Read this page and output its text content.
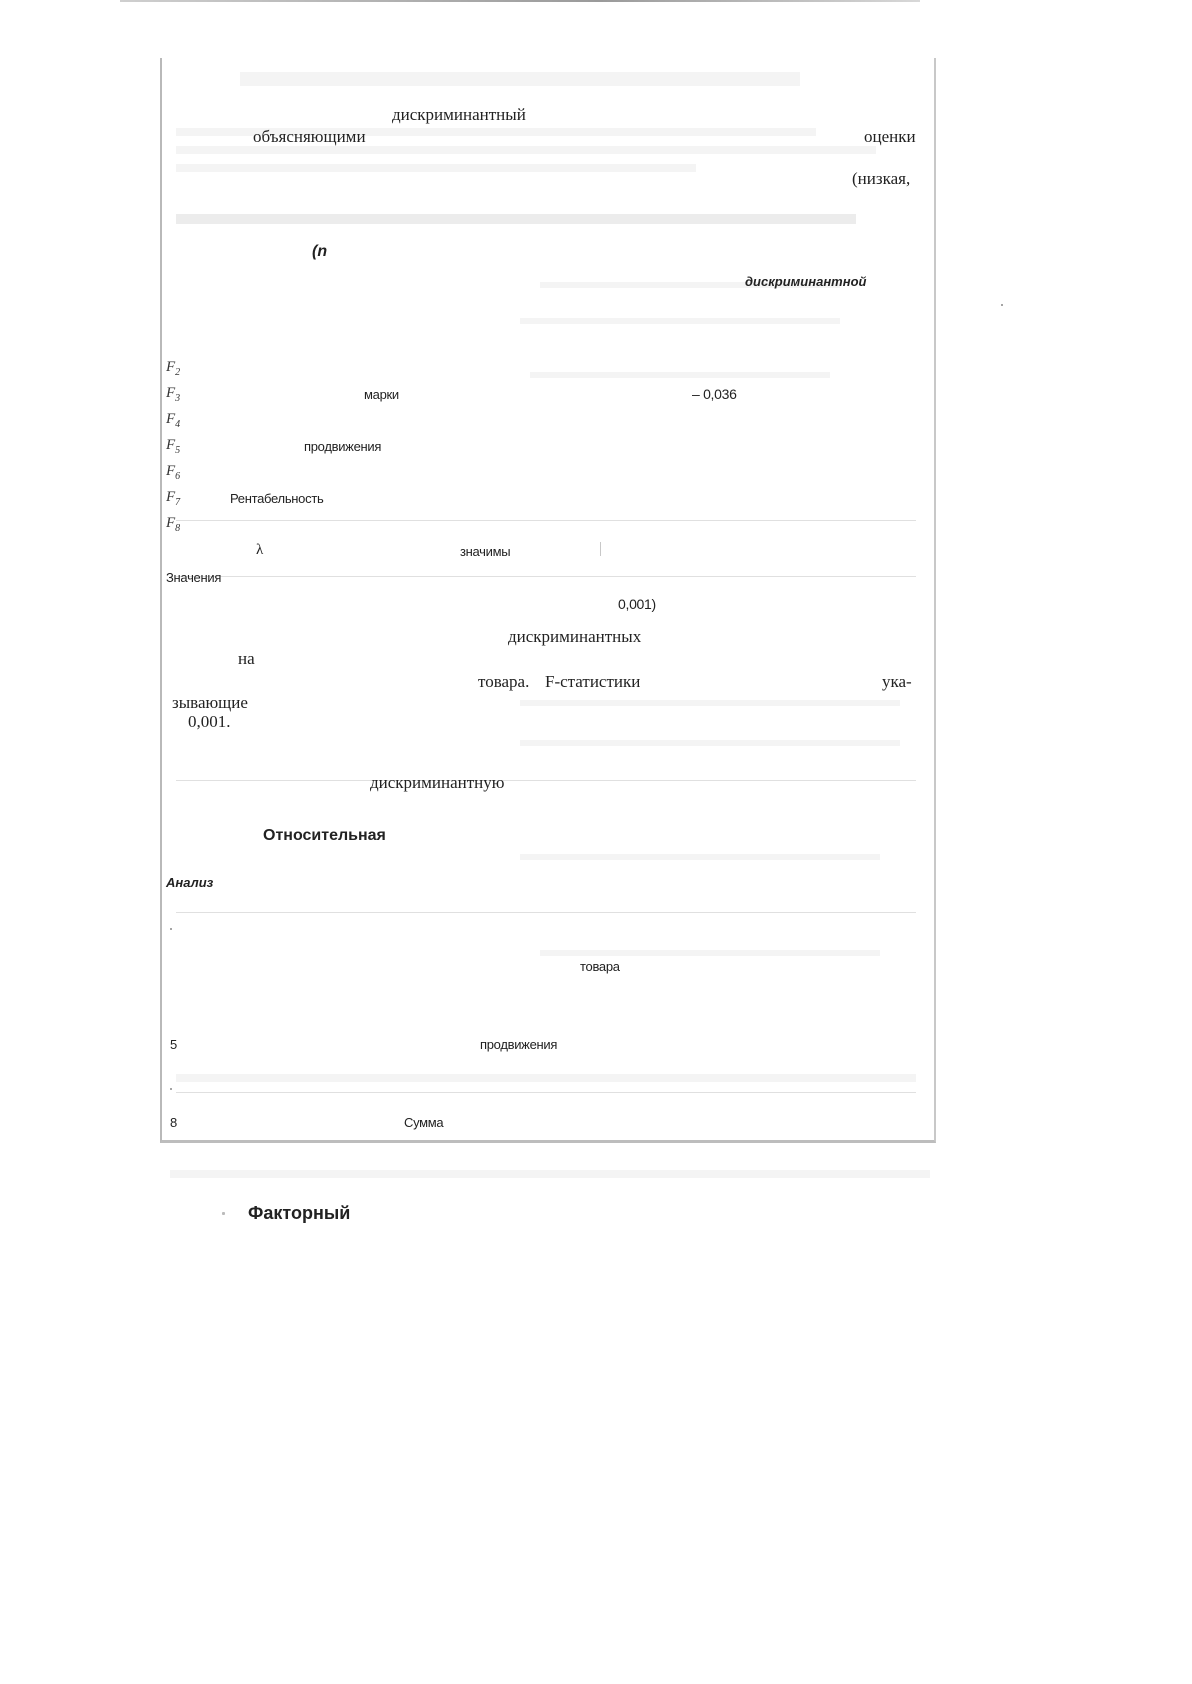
дискриминантный
объясняющими	оценки
(низкая,
(n
дискриминантной
$F_2$
$F_3$	марки	– 0,036
$F_4$
$F_5$	продвижения
$F_6$
$F_7$	Рентабельность
$F_8$
λ	значимы
Значения
0,001)
дискриминантных
на
товара. F-статистики	ука-
зывающие
0,001.
дискриминантную
Относительная
Анализ
товара
5	продвижения
8	Сумма
Факторный
